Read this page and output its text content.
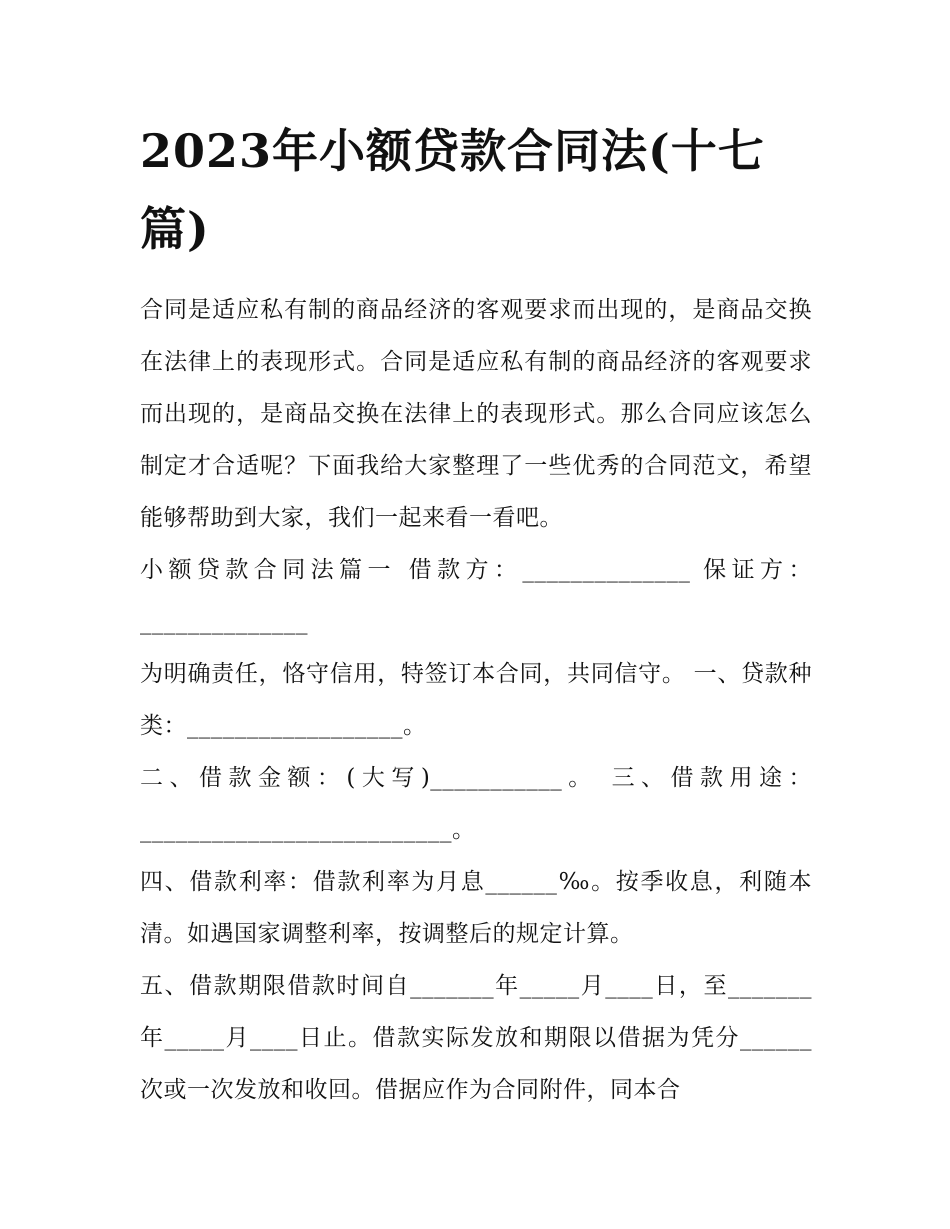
2023年小额贷款合同法(十七篇)

合同是适应私有制的商品经济的客观要求而出现的，是商品交换在法律上的表现形式。合同是适应私有制的商品经济的客观要求而出现的，是商品交换在法律上的表现形式。那么合同应该怎么制定才合适呢？下面我给大家整理了一些优秀的合同范文，希望能够帮助到大家，我们一起来看一看吧。

小额贷款合同法篇一 借款方：______________ 保证方：______________

为明确责任，恪守信用，特签订本合同，共同信守。 一、贷款种类：__________________。

二、借款金额：(大写)___________。 三、借款用途：__________________________。

四、借款利率：借款利率为月息______‰。按季收息，利随本清。如遇国家调整利率，按调整后的规定计算。

五、借款期限借款时间自_______年_____月____日，至_______年_____月____日止。借款实际发放和期限以借据为凭分______次或一次发放和收回。借据应作为合同附件，同本合
